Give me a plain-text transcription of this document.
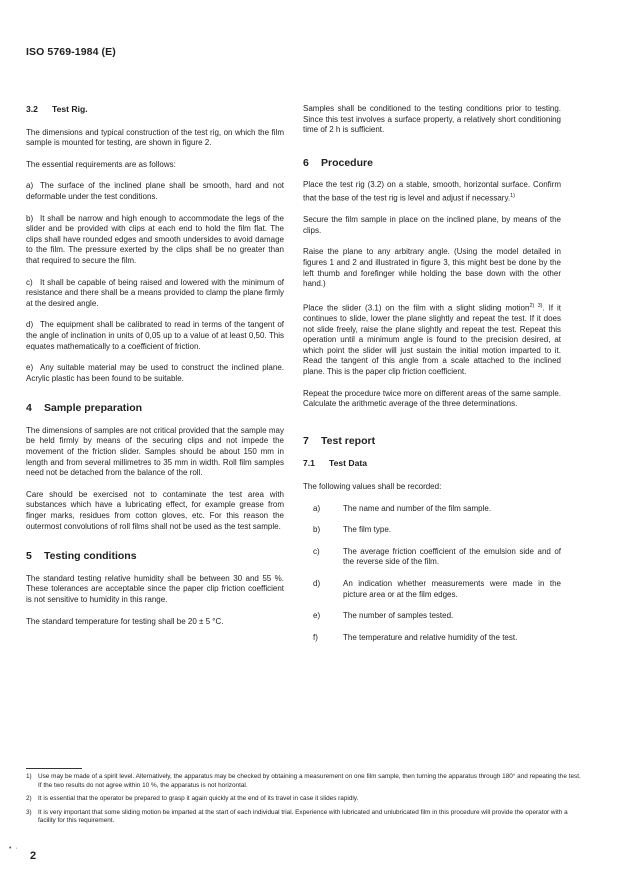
ISO 5769-1984 (E)
3.2 Test Rig.

The dimensions and typical construction of the test rig, on which the film sample is mounted for testing, are shown in figure 2.

The essential requirements are as follows:

a) The surface of the inclined plane shall be smooth, hard and not deformable under the test conditions.
b) It shall be narrow and high enough to accommodate the legs of the slider and be provided with clips at each end to hold the film flat. The clips shall have rounded edges and smooth undersides to avoid damage to the film. The pressure exerted by the clips shall be no greater than that required to secure the film.
c) It shall be capable of being raised and lowered with the minimum of resistance and there shall be a means provided to clamp the plane firmly at the desired angle.
d) The equipment shall be calibrated to read in terms of the tangent of the angle of inclination in units of 0,05 up to a value of at least 0,50. This equates mathematically to a coefficient of friction.
e) Any suitable material may be used to construct the inclined plane. Acrylic plastic has been found to be suitable.
4 Sample preparation

The dimensions of samples are not critical provided that the sample may be held firmly by means of the securing clips and not impede the movement of the friction slider. Samples should be about 150 mm in length and from several millimetres to 35 mm in width. Roll film samples need not be detached from the balance of the roll.

Care should be exercised not to contaminate the test area with substances which have a lubricating effect, for example grease from finger marks, residues from cotton gloves, etc. For this reason the outermost convolutions of roll films shall not be used as the test sample.

5 Testing conditions

The standard testing relative humidity shall be between 30 and 55 %. These tolerances are acceptable since the paper clip friction coefficient is not sensitive to humidity in this range.

The standard temperature for testing shall be 20 ± 5 °C.

Samples shall be conditioned to the testing conditions prior to testing. Since this test involves a surface property, a relatively short conditioning time of 2 h is sufficient.

6 Procedure

Place the test rig (3.2) on a stable, smooth, horizontal surface. Confirm that the base of the test rig is level and adjust if necessary.$^{1)}$

Secure the film sample in place on the inclined plane, by means of the clips.

Raise the plane to any arbitrary angle. (Using the model detailed in figures 1 and 2 and illustrated in figure 3, this might best be done by the left thumb and forefinger while holding the base down with the other hand.)

Place the slider (3.1) on the film with a slight sliding motion$^{2) 3)}$. If it continues to slide, lower the plane slightly and repeat the test. If it does not slide freely, raise the plane slightly and repeat the test. Repeat this operation until a minimum angle is found to the precision desired, at which point the slider will just sustain the initial motion imparted to it. Read the tangent of this angle from a scale attached to the inclined plane. This is the paper clip friction coefficient.

Repeat the procedure twice more on different areas of the same sample. Calculate the arithmetic average of the three determinations.

7 Test report
7.1 Test Data

The following values shall be recorded:

a)	The name and number of the film sample.
b)	The film type.
c)	The average friction coefficient of the emulsion side and of the reverse side of the film.
d)	An indication whether measurements were made in the picture area or at the film edges.
e)	The number of samples tested.
f)	The temperature and relative humidity of the test.
1) Use may be made of a spirit level. Alternatively, the apparatus may be checked by obtaining a measurement on one film sample, then turning the apparatus through 180° and repeating the test. If the two results do not agree within 10 %, the apparatus is not horizontal.
2) It is essential that the operator be prepared to grasp it again quickly at the end of its travel in case it slides rapidly.
3) It is very important that some sliding motion be imparted at the start of each individual trial. Experience with lubricated and unlubricated film in this procedure will provide the operator with a facility for this requirement.
• ·
2
